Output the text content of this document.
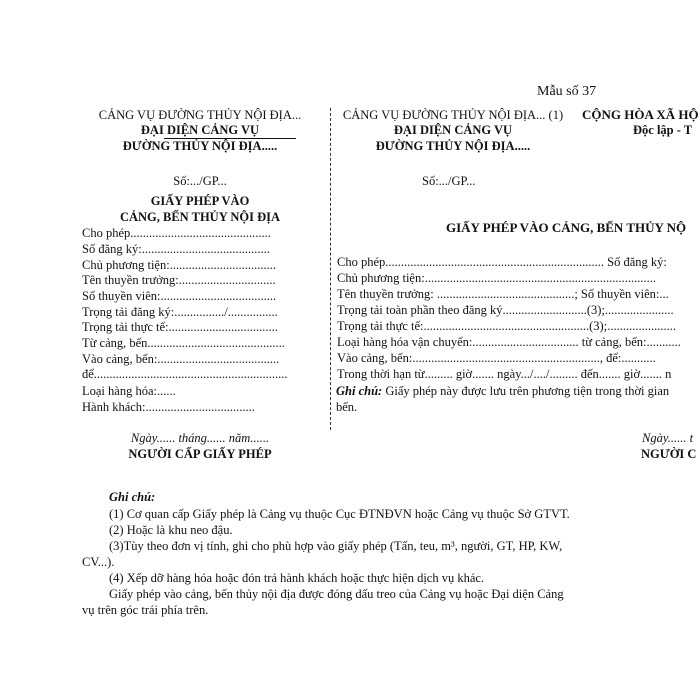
Mẫu số 37
CẢNG VỤ ĐƯỜNG THỦY NỘI ĐỊA...
ĐẠI DIỆN CẢNG VỤ
ĐƯỜNG THỦY NỘI ĐỊA.....
Số:.../GP...
GIẤY PHÉP VÀO
CẢNG, BẾN THỦY NỘI ĐỊA
Cho phép.............................................
Số đăng ký:.........................................
Chủ phương tiện:..................................
Tên thuyền trưởng:...............................
Số thuyền viên:.....................................
Trọng tải đăng ký:................/................
Trọng tải thực tế:...................................
Từ cảng, bến............................................
Vào cảng, bến:.......................................
để..............................................................
Loại hàng hóa:......
Hành khách:...................................
Ngày...... tháng...... năm......
NGƯỜI CẤP GIẤY PHÉP
CẢNG VỤ ĐƯỜNG THỦY NỘI ĐỊA... (1)
ĐẠI DIỆN CẢNG VỤ
ĐƯỜNG THỦY NỘI ĐỊA.....
CỘNG HÒA XÃ HỘ
Độc lập - T
Số:.../GP...
GIẤY PHÉP VÀO CẢNG, BẾN THỦY NỘ
Cho phép...................................................................... Số đăng ký:
Chủ phương tiện:..........................................................................
Tên thuyền trưởng: ............................................; Số thuyền viên:...
Trọng tải toàn phần theo đăng ký...........................(3);......................
Trọng tải thực tế:.....................................................(3);......................
Loại hàng hóa vận chuyển:.................................. từ cảng, bến:...........
Vào cảng, bến:............................................................, để:...........
Trong thời hạn từ......... giờ....... ngày.../..../......... đến....... giờ....... n
Ghi chú: Giấy phép này được lưu trên phương tiện trong thời gian
bến.
Ngày...... t
NGƯỜI C
Ghi chú:
(1) Cơ quan cấp Giấy phép là Cảng vụ thuộc Cục ĐTNĐVN hoặc Cảng vụ thuộc Sở GTVT.
(2) Hoặc là khu neo đậu.
(3)Tùy theo đơn vị tính, ghi cho phù hợp vào giấy phép (Tấn, teu, m³, người, GT, HP, KW,
CV...).
(4) Xếp dỡ hàng hóa hoặc đón trả hành khách hoặc thực hiện dịch vụ khác.
Giấy phép vào cảng, bến thủy nội địa được đóng dấu treo của Cảng vụ hoặc Đại diện Cảng
vụ trên góc trái phía trên.
